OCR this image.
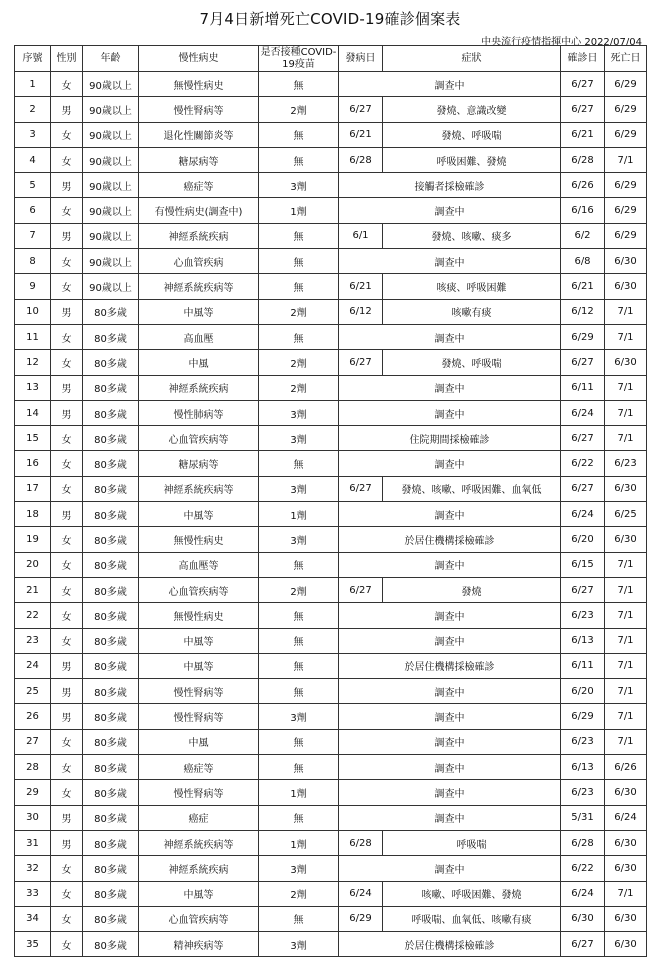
7月4日新增死亡COVID-19確診個案表
中央流行疫情指揮中心 2022/07/04
序號	性別	年齡	慢性病史	是否接種COVID-19疫苗	發病日	症狀	確診日	死亡日
1	女	90歲以上	無慢性病史	無	調查中		6/27	6/29
2	男	90歲以上	慢性腎病等	2劑	6/27	發燒、意識改變	6/27	6/29
3	女	90歲以上	退化性關節炎等	無	6/21	發燒、呼吸喘	6/21	6/29
4	女	90歲以上	糖尿病等	無	6/28	呼吸困難、發燒	6/28	7/1
5	男	90歲以上	癌症等	3劑	接觸者採檢確診		6/26	6/29
6	女	90歲以上	有慢性病史(調查中)	1劑	調查中		6/16	6/29
7	男	90歲以上	神經系統疾病	無	6/1	發燒、咳嗽、痰多	6/2	6/29
8	女	90歲以上	心血管疾病	無	調查中		6/8	6/30
9	女	90歲以上	神經系統疾病等	無	6/21	咳痰、呼吸困難	6/21	6/30
10	男	80多歲	中風等	2劑	6/12	咳嗽有痰	6/12	7/1
11	女	80多歲	高血壓	無	調查中		6/29	7/1
12	女	80多歲	中風	2劑	6/27	發燒、呼吸喘	6/27	6/30
13	男	80多歲	神經系統疾病	2劑	調查中		6/11	7/1
14	男	80多歲	慢性肺病等	3劑	調查中		6/24	7/1
15	女	80多歲	心血管疾病等	3劑	住院期間採檢確診		6/27	7/1
16	女	80多歲	糖尿病等	無	調查中		6/22	6/23
17	女	80多歲	神經系統疾病等	3劑	6/27	發燒、咳嗽、呼吸困難、血氧低	6/27	6/30
18	男	80多歲	中風等	1劑	調查中		6/24	6/25
19	女	80多歲	無慢性病史	3劑	於居住機構採檢確診		6/20	6/30
20	女	80多歲	高血壓等	無	調查中		6/15	7/1
21	女	80多歲	心血管疾病等	2劑	6/27	發燒	6/27	7/1
22	女	80多歲	無慢性病史	無	調查中		6/23	7/1
23	女	80多歲	中風等	無	調查中		6/13	7/1
24	男	80多歲	中風等	無	於居住機構採檢確診		6/11	7/1
25	男	80多歲	慢性腎病等	無	調查中		6/20	7/1
26	男	80多歲	慢性腎病等	3劑	調查中		6/29	7/1
27	女	80多歲	中風	無	調查中		6/23	7/1
28	女	80多歲	癌症等	無	調查中		6/13	6/26
29	女	80多歲	慢性腎病等	1劑	調查中		6/23	6/30
30	男	80多歲	癌症	無	調查中		5/31	6/24
31	男	80多歲	神經系統疾病等	1劑	6/28	呼吸喘	6/28	6/30
32	女	80多歲	神經系統疾病	3劑	調查中		6/22	6/30
33	女	80多歲	中風等	2劑	6/24	咳嗽、呼吸困難、發燒	6/24	7/1
34	女	80多歲	心血管疾病等	無	6/29	呼吸喘、血氧低、咳嗽有痰	6/30	6/30
35	女	80多歲	精神疾病等	3劑	於居住機構採檢確診		6/27	6/30
